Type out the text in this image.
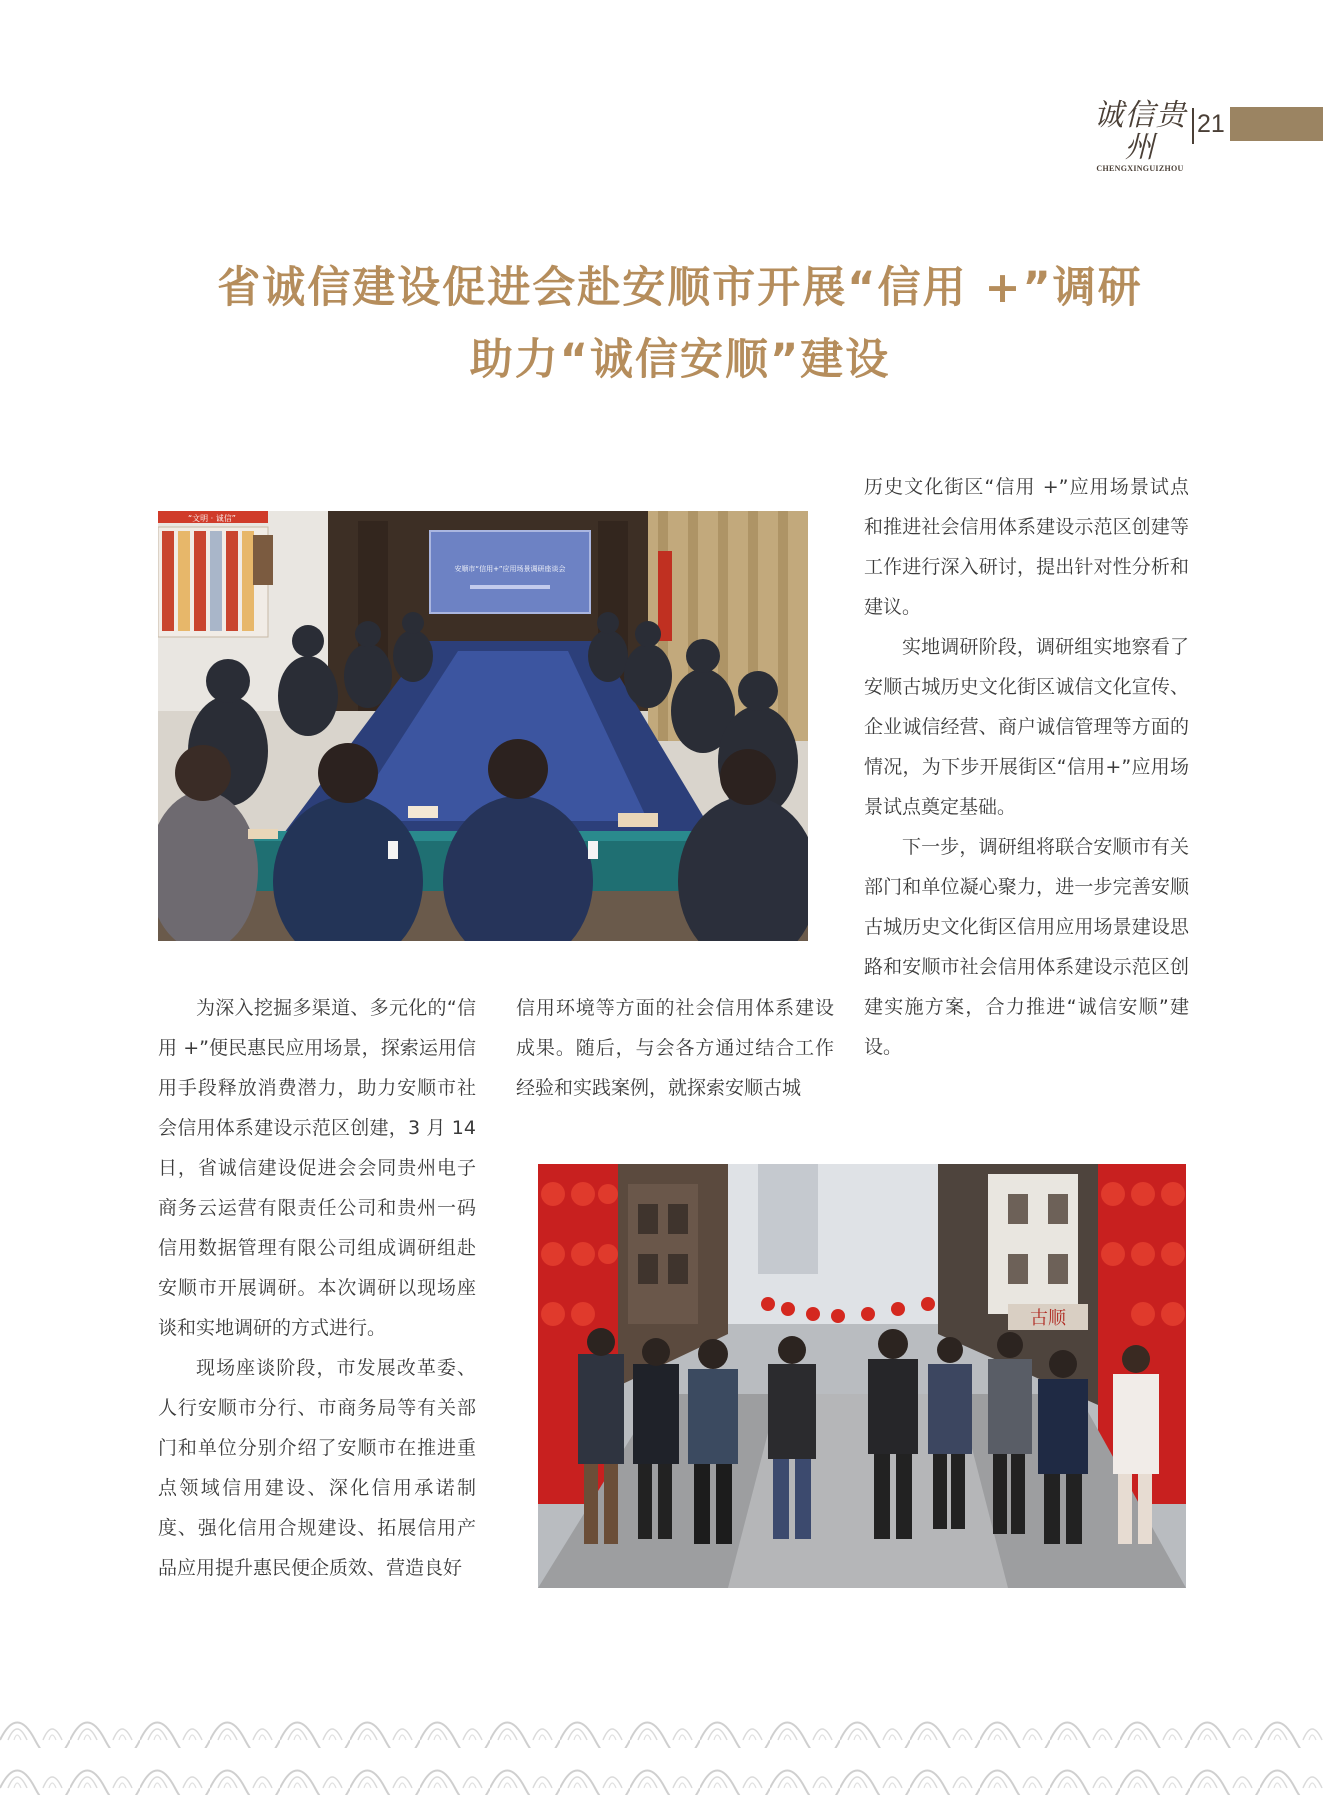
诚信贵州
CHENGXINGUIZHOU
21
省诚信建设促进会赴安顺市开展“信用 +”调研
助力“诚信安顺”建设
“文明 · 诚信”
安顺市“信用+”应用场景调研座谈会
古顺

为深入挖掘多渠道、多元化的“信用 +”便民惠民应用场景，探索运用信用手段释放消费潜力，助力安顺市社会信用体系建设示范区创建，3 月 14 日，省诚信建设促进会会同贵州电子商务云运营有限责任公司和贵州一码信用数据管理有限公司组成调研组赴安顺市开展调研。本次调研以现场座谈和实地调研的方式进行。

现场座谈阶段，市发展改革委、人行安顺市分行、市商务局等有关部门和单位分别介绍了安顺市在推进重点领域信用建设、深化信用承诺制度、强化信用合规建设、拓展信用产品应用提升惠民便企质效、营造良好

信用环境等方面的社会信用体系建设成果。随后，与会各方通过结合工作经验和实践案例，就探索安顺古城

历史文化街区“信用 +”应用场景试点和推进社会信用体系建设示范区创建等工作进行深入研讨，提出针对性分析和建议。

实地调研阶段，调研组实地察看了安顺古城历史文化街区诚信文化宣传、企业诚信经营、商户诚信管理等方面的情况，为下步开展街区“信用+”应用场景试点奠定基础。

下一步，调研组将联合安顺市有关部门和单位凝心聚力，进一步完善安顺古城历史文化街区信用应用场景建设思路和安顺市社会信用体系建设示范区创建实施方案，合力推进“诚信安顺”建设。
